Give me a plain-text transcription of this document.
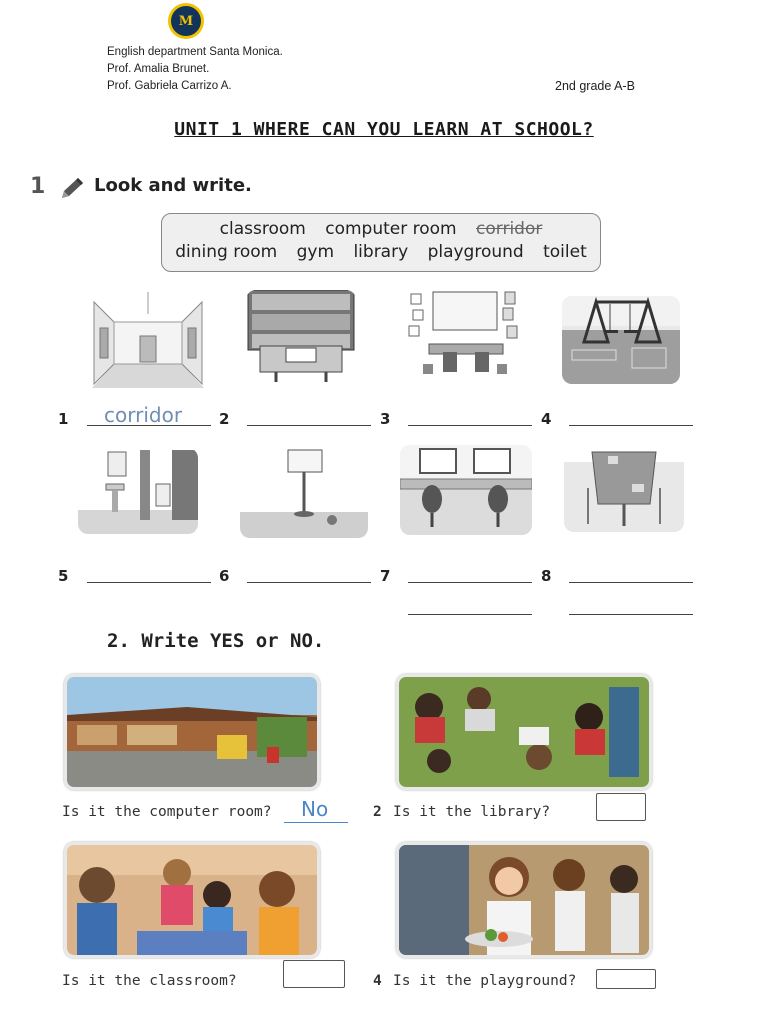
M
English department Santa Monica.
Prof. Amalia Brunet.
Prof. Gabriela Carrizo A.	2nd grade A-B
UNIT 1 WHERE CAN YOU LEARN AT SCHOOL?
1	Look and write.
classroom computer room corridor
dining room gym library playground toilet
1 corridor 2	3	4
5	6	7	8
2. Write YES or NO.
Is it the computer room? No	2 Is it the library?
Is it the classroom?	4 Is it the playground?
